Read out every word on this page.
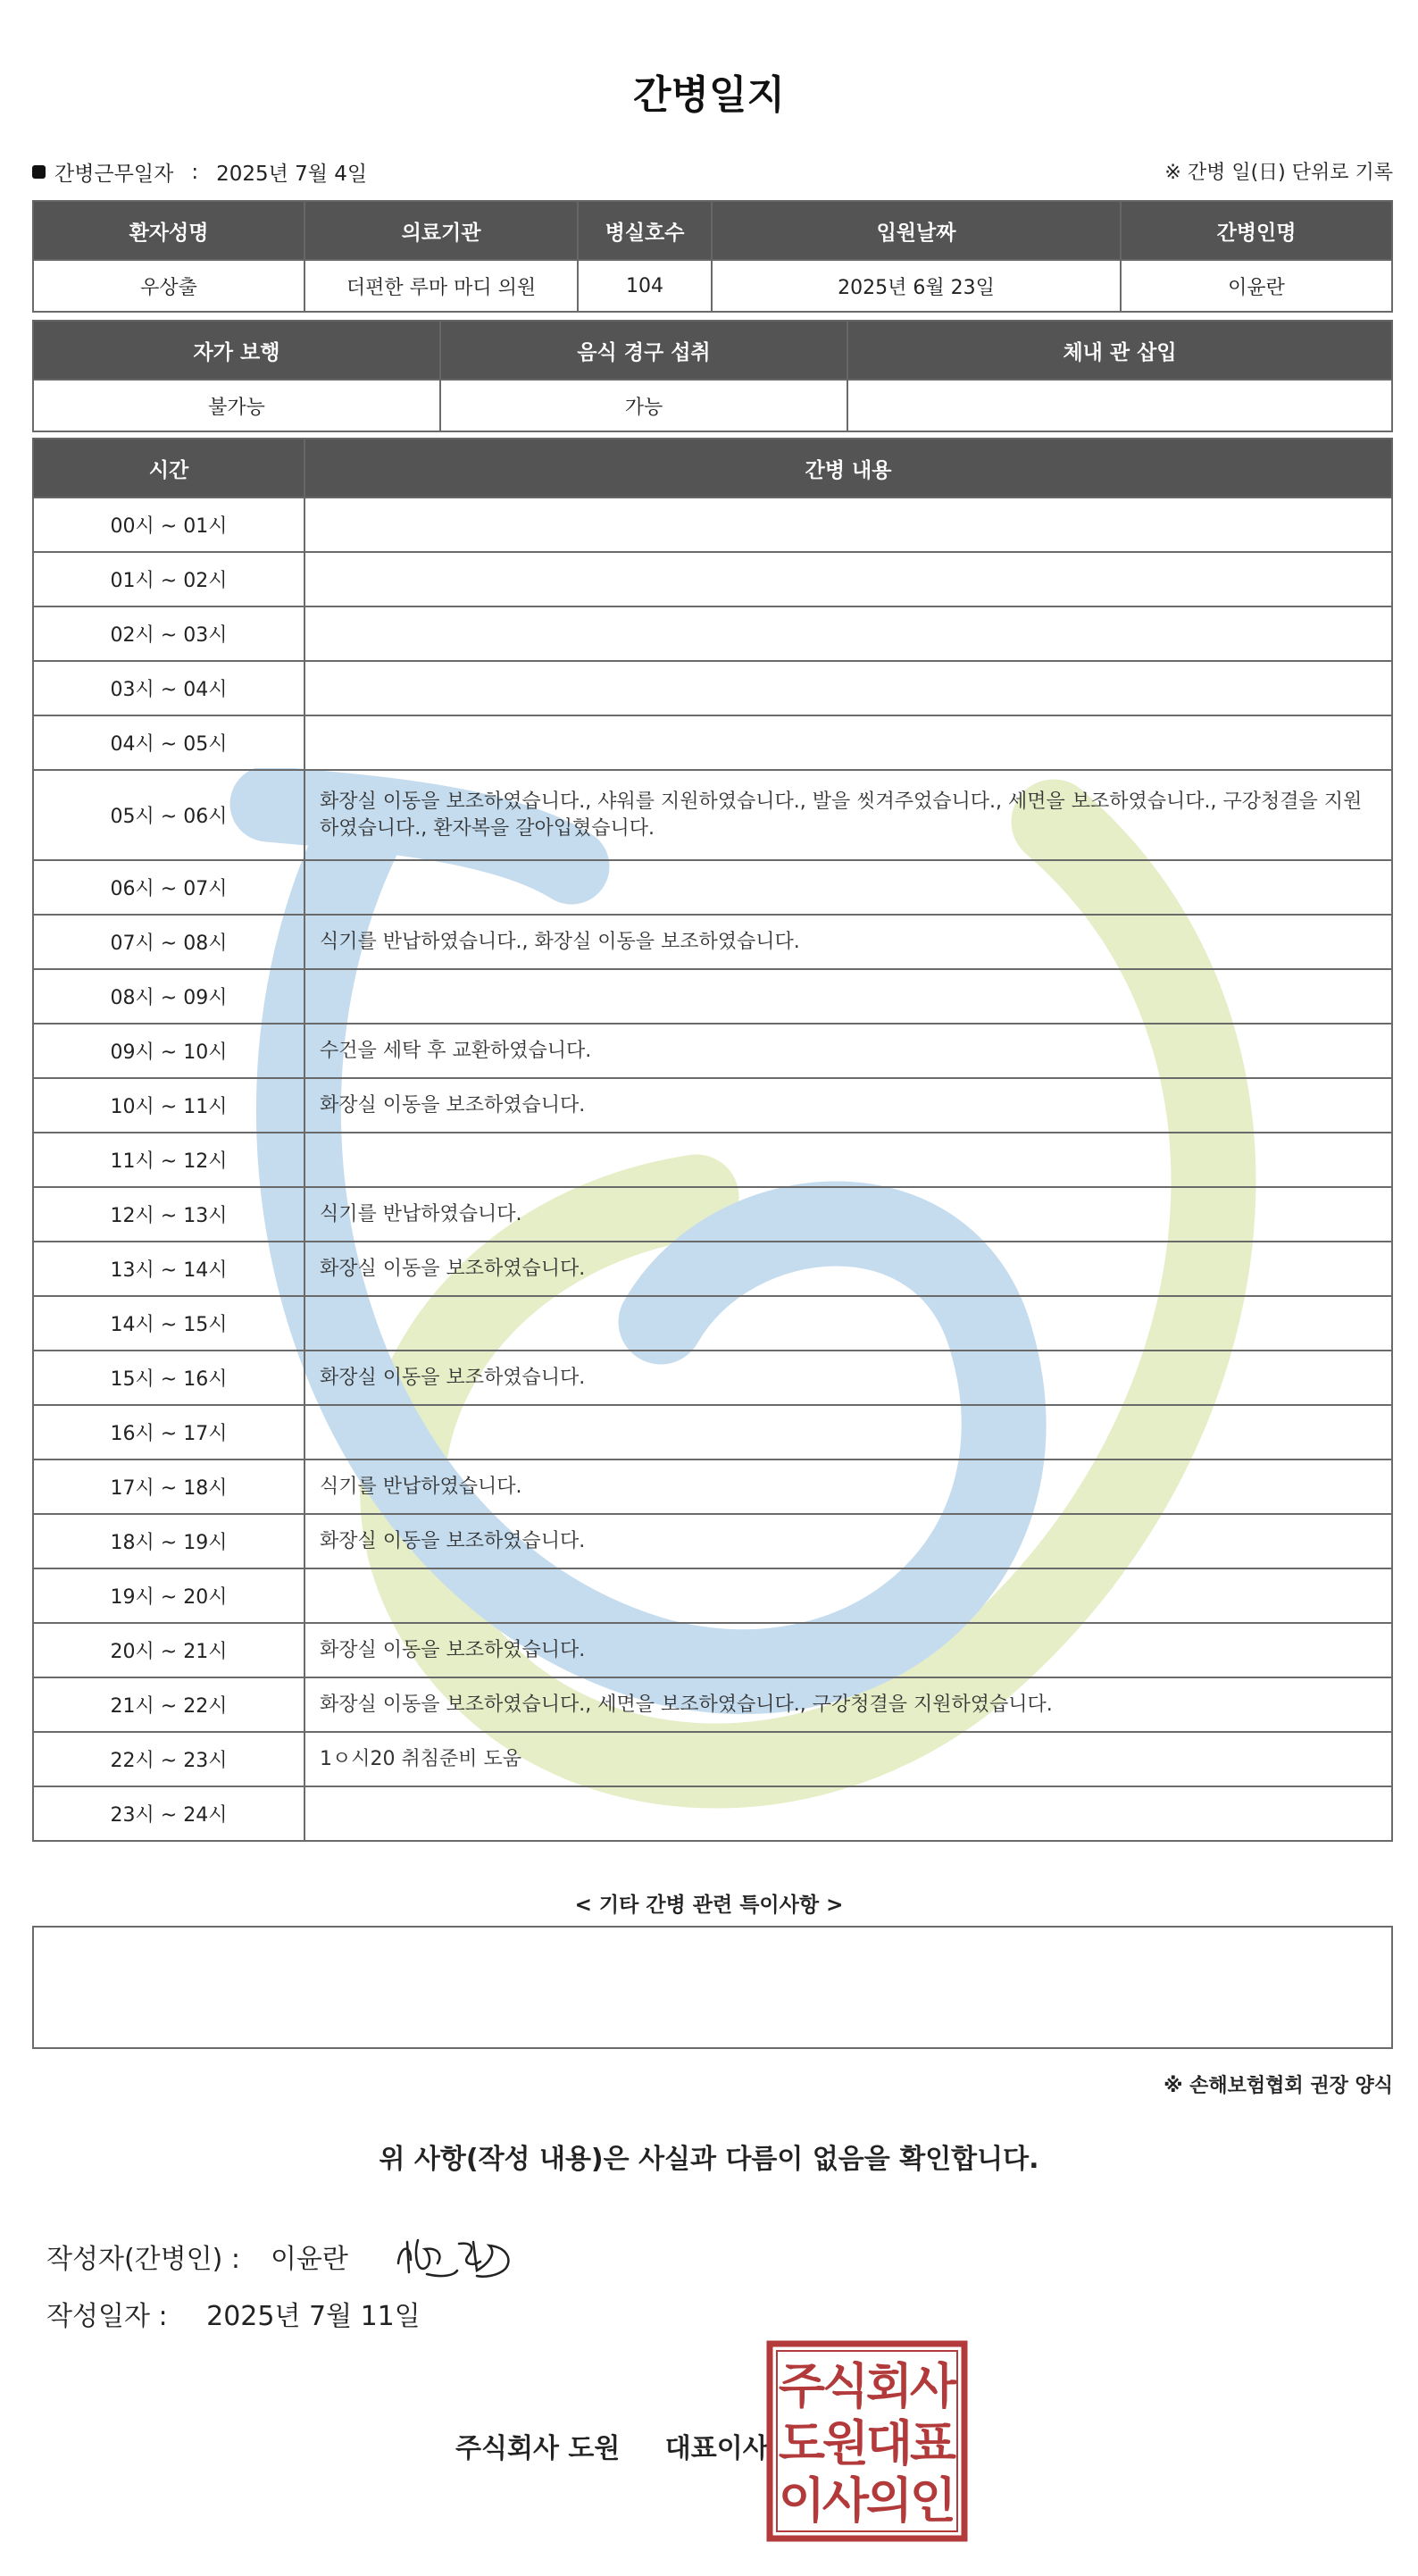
간병일지
간병근무일자 : 2025년 7월 4일	※ 간병 일(日) 단위로 기록
환자성명	의료기관	병실호수	입원날짜	간병인명
우상출	더편한 루마 마디 의원	104	2025년 6월 23일	이윤란
자가 보행	음식 경구 섭취	체내 관 삽입
불가능	가능	
시간	간병 내용
00시 ~ 01시	
01시 ~ 02시	
02시 ~ 03시	
03시 ~ 04시	
04시 ~ 05시	
05시 ~ 06시	화장실 이동을 보조하였습니다., 샤워를 지원하였습니다., 발을 씻겨주었습니다., 세면을 보조하였습니다., 구강청결을 지원하였습니다., 환자복을 갈아입혔습니다.
06시 ~ 07시	
07시 ~ 08시	식기를 반납하였습니다., 화장실 이동을 보조하였습니다.
08시 ~ 09시	
09시 ~ 10시	수건을 세탁 후 교환하였습니다.
10시 ~ 11시	화장실 이동을 보조하였습니다.
11시 ~ 12시	
12시 ~ 13시	식기를 반납하였습니다.
13시 ~ 14시	화장실 이동을 보조하였습니다.
14시 ~ 15시	
15시 ~ 16시	화장실 이동을 보조하였습니다.
16시 ~ 17시	
17시 ~ 18시	식기를 반납하였습니다.
18시 ~ 19시	화장실 이동을 보조하였습니다.
19시 ~ 20시	
20시 ~ 21시	화장실 이동을 보조하였습니다.
21시 ~ 22시	화장실 이동을 보조하였습니다., 세면을 보조하였습니다., 구강청결을 지원하였습니다.
22시 ~ 23시	1ㅇ시20 취침준비 도움
23시 ~ 24시	
< 기타 간병 관련 특이사항 >
※ 손해보험협회 권장 양식
위 사항(작성 내용)은 사실과 다름이 없음을 확인합니다.
작성자(간병인) : 이윤란
작성일자 : 2025년 7월 11일
주식회사 도원 대표이사
주
식
회
사
도
원
대
표
이
사
의
인
